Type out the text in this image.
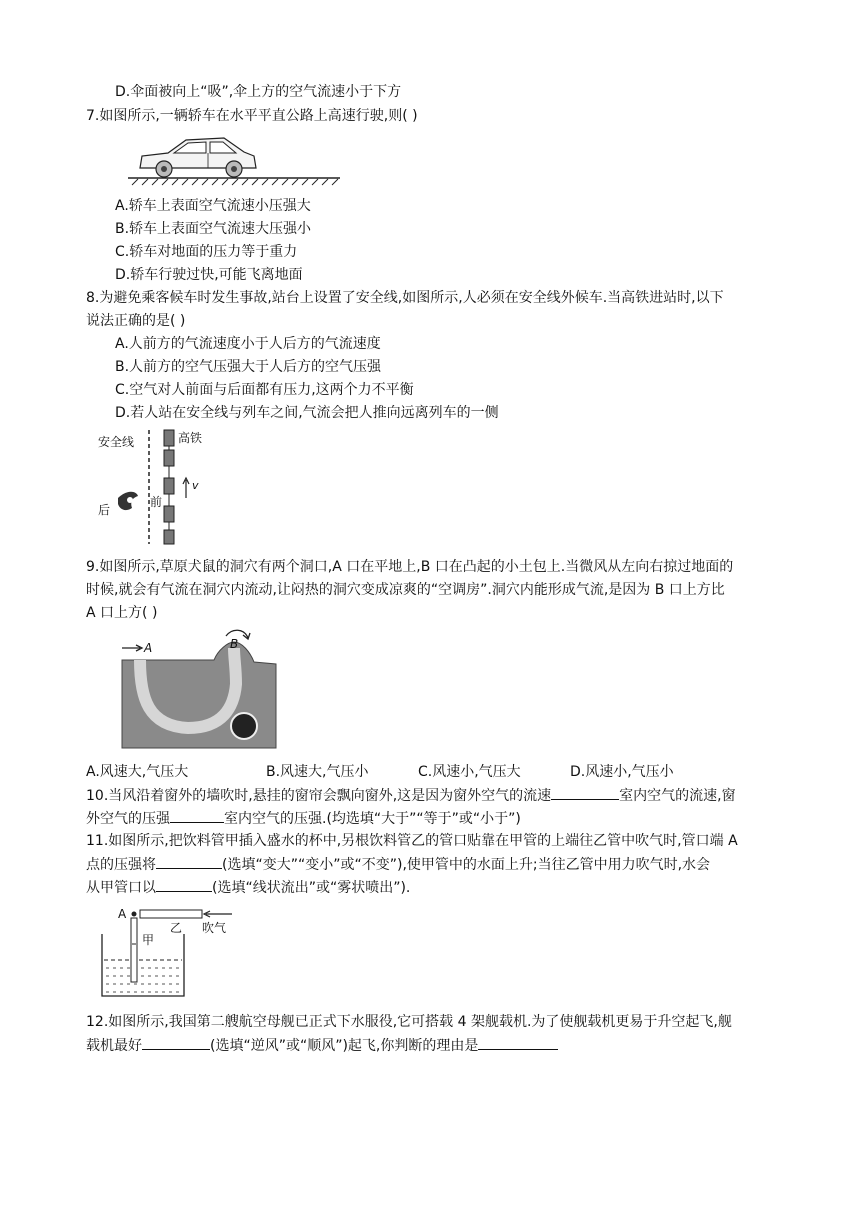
D.伞面被向上“吸”,伞上方的空气流速小于下方
7.如图所示,一辆轿车在水平平直公路上高速行驶,则( )
A.轿车上表面空气流速小压强大
B.轿车上表面空气流速大压强小
C.轿车对地面的压力等于重力
D.轿车行驶过快,可能飞离地面
8.为避免乘客候车时发生事故,站台上设置了安全线,如图所示,人必须在安全线外候车.当高铁进站时,以下
说法正确的是( )
A.人前方的气流速度小于人后方的气流速度
B.人前方的空气压强大于人后方的空气压强
C.空气对人前面与后面都有压力,这两个力不平衡
D.若人站在安全线与列车之间,气流会把人推向远离列车的一侧
安全线	高铁
v
前
后
9.如图所示,草原犬鼠的洞穴有两个洞口,A 口在平地上,B 口在凸起的小土包上.当微风从左向右掠过地面的
时候,就会有气流在洞穴内流动,让闷热的洞穴变成凉爽的“空调房”.洞穴内能形成气流,是因为 B 口上方比
A 口上方( )
A	B
A.风速大,气压大	B.风速大,气压小	C.风速小,气压大	D.风速小,气压小
10.当风沿着窗外的墙吹时,悬挂的窗帘会飘向窗外,这是因为窗外空气的流速	室内空气的流速,窗
外空气的压强	室内空气的压强.(均选填“大于”“等于”或“小于”)
11.如图所示,把饮料管甲插入盛水的杯中,另根饮料管乙的管口贴靠在甲管的上端往乙管中吹气时,管口端 A
点的压强将	(选填“变大”“变小”或“不变”),使甲管中的水面上升;当往乙管中用力吹气时,水会
从甲管口以	(选填“线状流出”或“雾状喷出”).
A
甲
乙 吹气
12.如图所示,我国第二艘航空母舰已正式下水服役,它可搭载 4 架舰载机.为了使舰载机更易于升空起飞,舰
载机最好	(选填“逆风”或“顺风”)起飞,你判断的理由是
